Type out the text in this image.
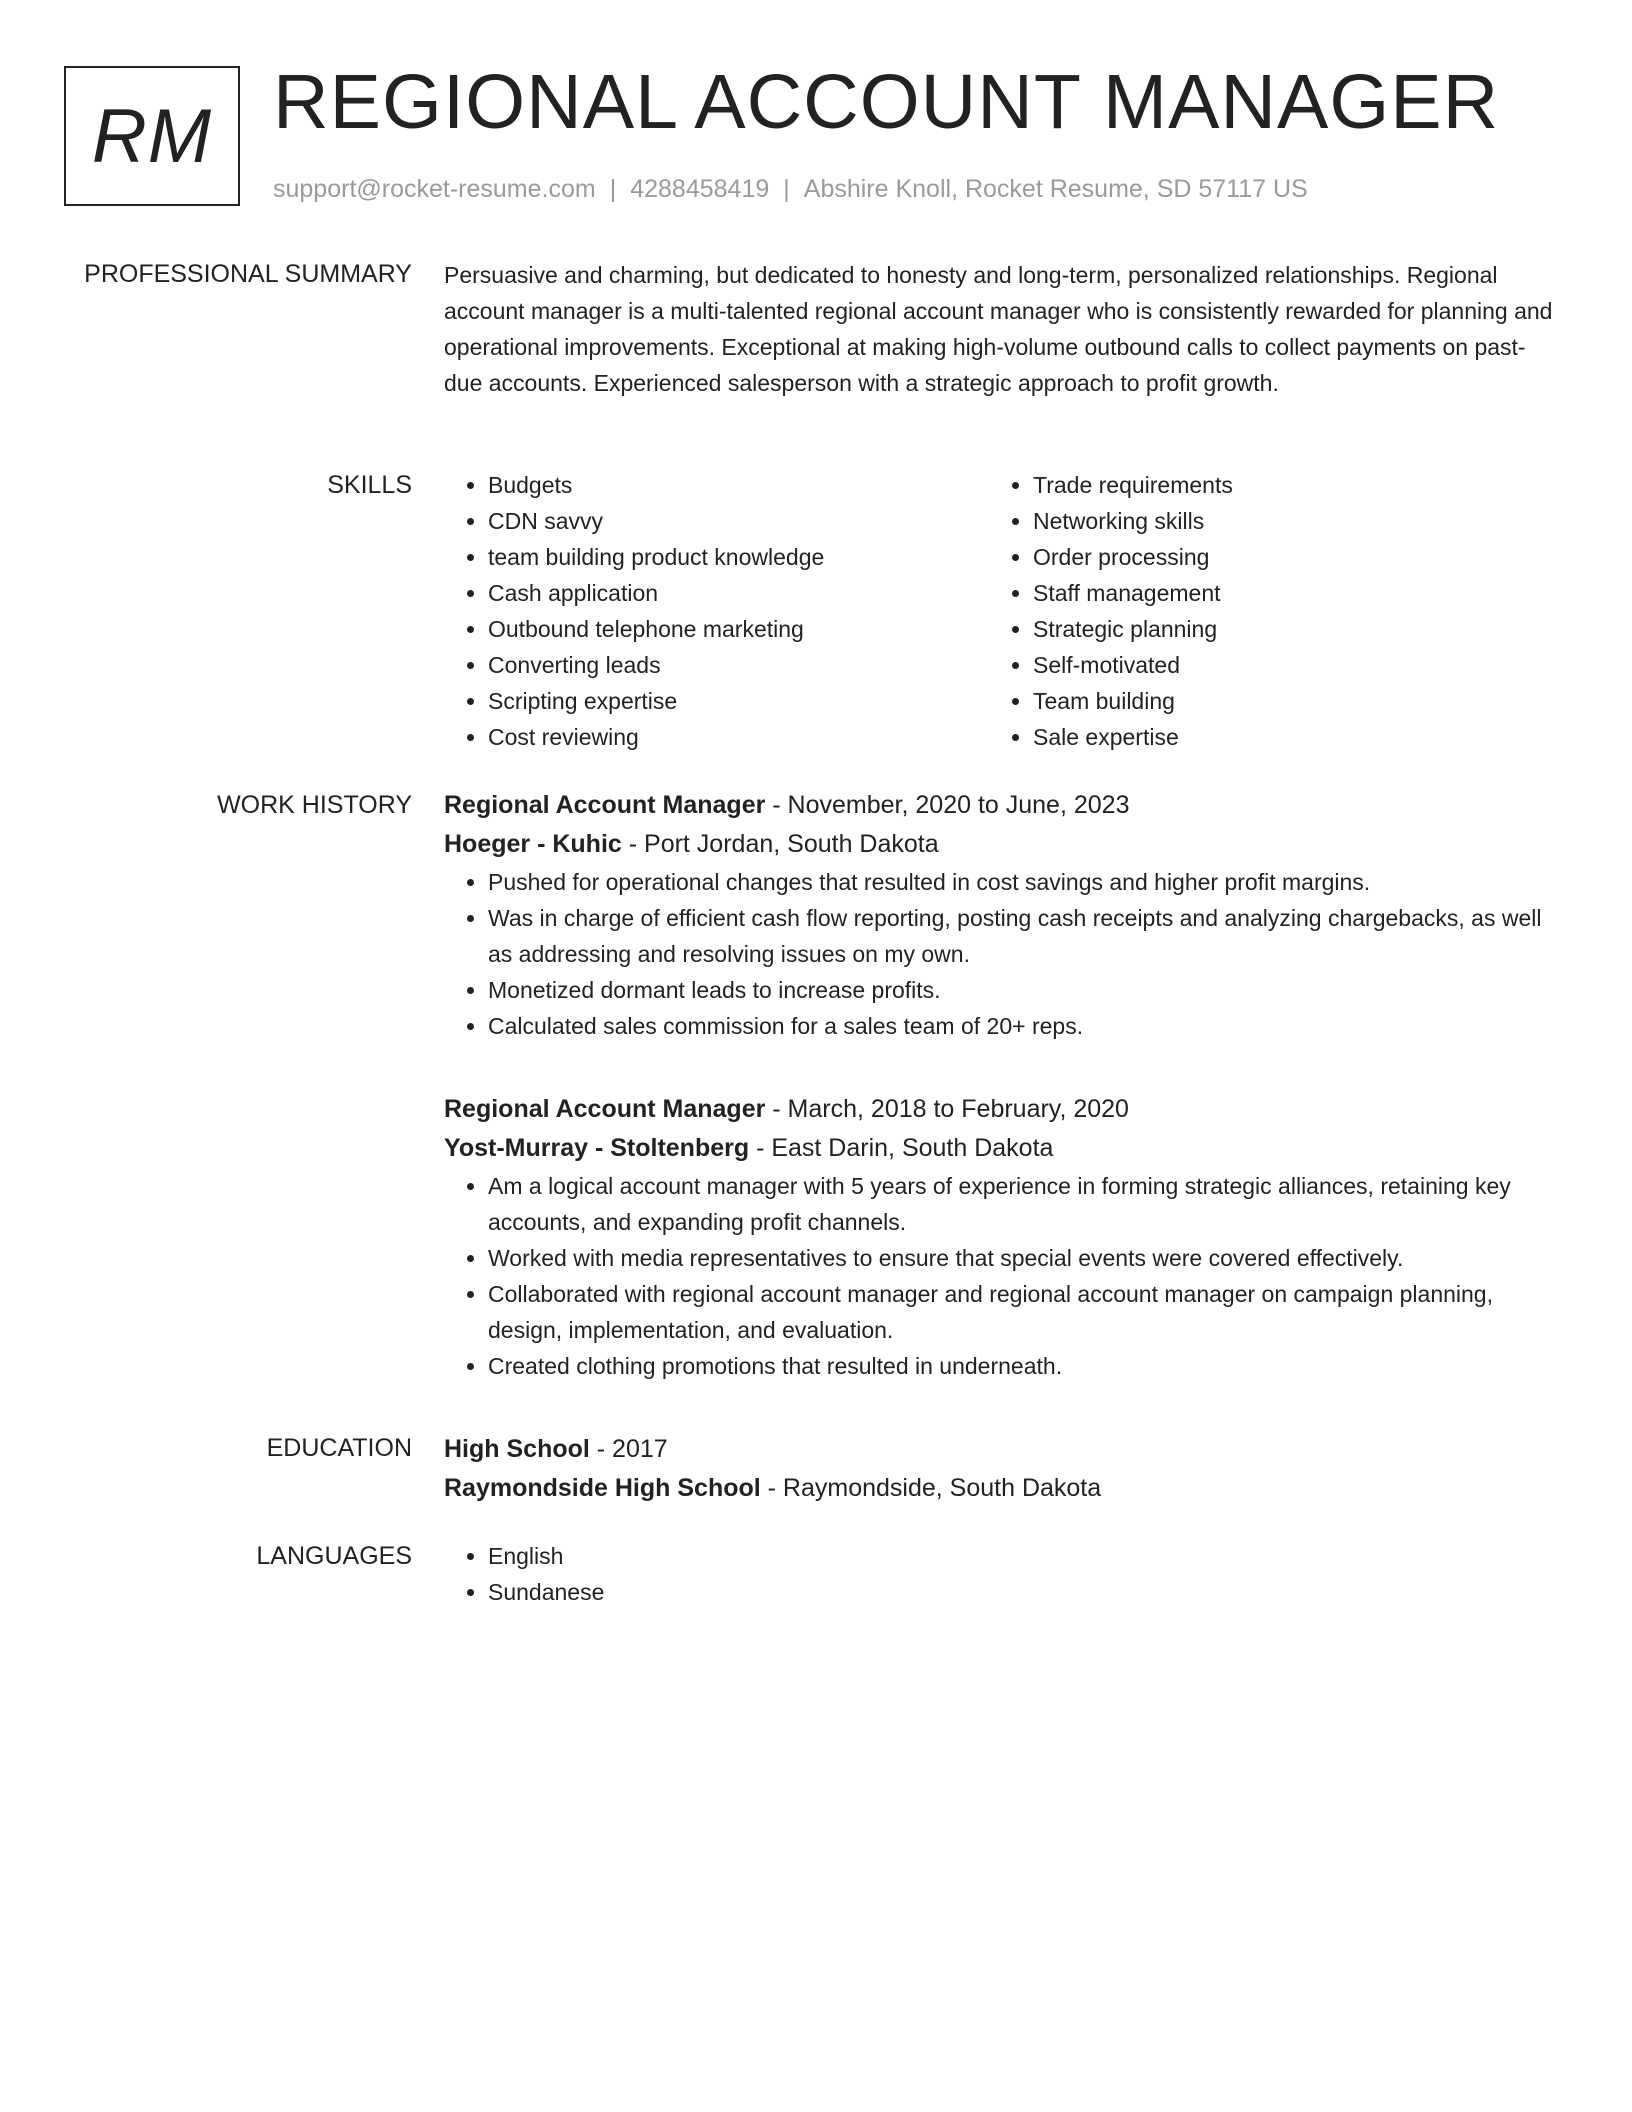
RM REGIONAL ACCOUNT MANAGER
support@rocket-resume.com | 4288458419 | Abshire Knoll, Rocket Resume, SD 57117 US
PROFESSIONAL SUMMARY Persuasive and charming, but dedicated to honesty and long-term, personalized relationships. Regional account manager is a multi-talented regional account manager who is consistently rewarded for planning and operational improvements. Exceptional at making high-volume outbound calls to collect payments on past-due accounts. Experienced salesperson with a strategic approach to profit growth.

SKILLS	• Budgets
• CDN savvy
• team building product knowledge
• Cash application
• Outbound telephone marketing
• Converting leads
• Scripting expertise
• Cost reviewing
• Trade requirements
• Networking skills
• Order processing
• Staff management
• Strategic planning
• Self-motivated
• Team building
• Sale expertise
WORK HISTORY Regional Account Manager - November, 2020 to June, 2023
Hoeger - Kuhic - Port Jordan, South Dakota
• Pushed for operational changes that resulted in cost savings and higher profit margins.
• Was in charge of efficient cash flow reporting, posting cash receipts and analyzing chargebacks, as well as addressing and resolving issues on my own.
• Monetized dormant leads to increase profits.
• Calculated sales commission for a sales team of 20+ reps.
Regional Account Manager - March, 2018 to February, 2020
Yost-Murray - Stoltenberg - East Darin, South Dakota
• Am a logical account manager with 5 years of experience in forming strategic alliances, retaining key accounts, and expanding profit channels.
• Worked with media representatives to ensure that special events were covered effectively.
• Collaborated with regional account manager and regional account manager on campaign planning, design, implementation, and evaluation.
• Created clothing promotions that resulted in underneath.
EDUCATION High School - 2017
Raymondside High School - Raymondside, South Dakota
LANGUAGES	• English
• Sundanese
